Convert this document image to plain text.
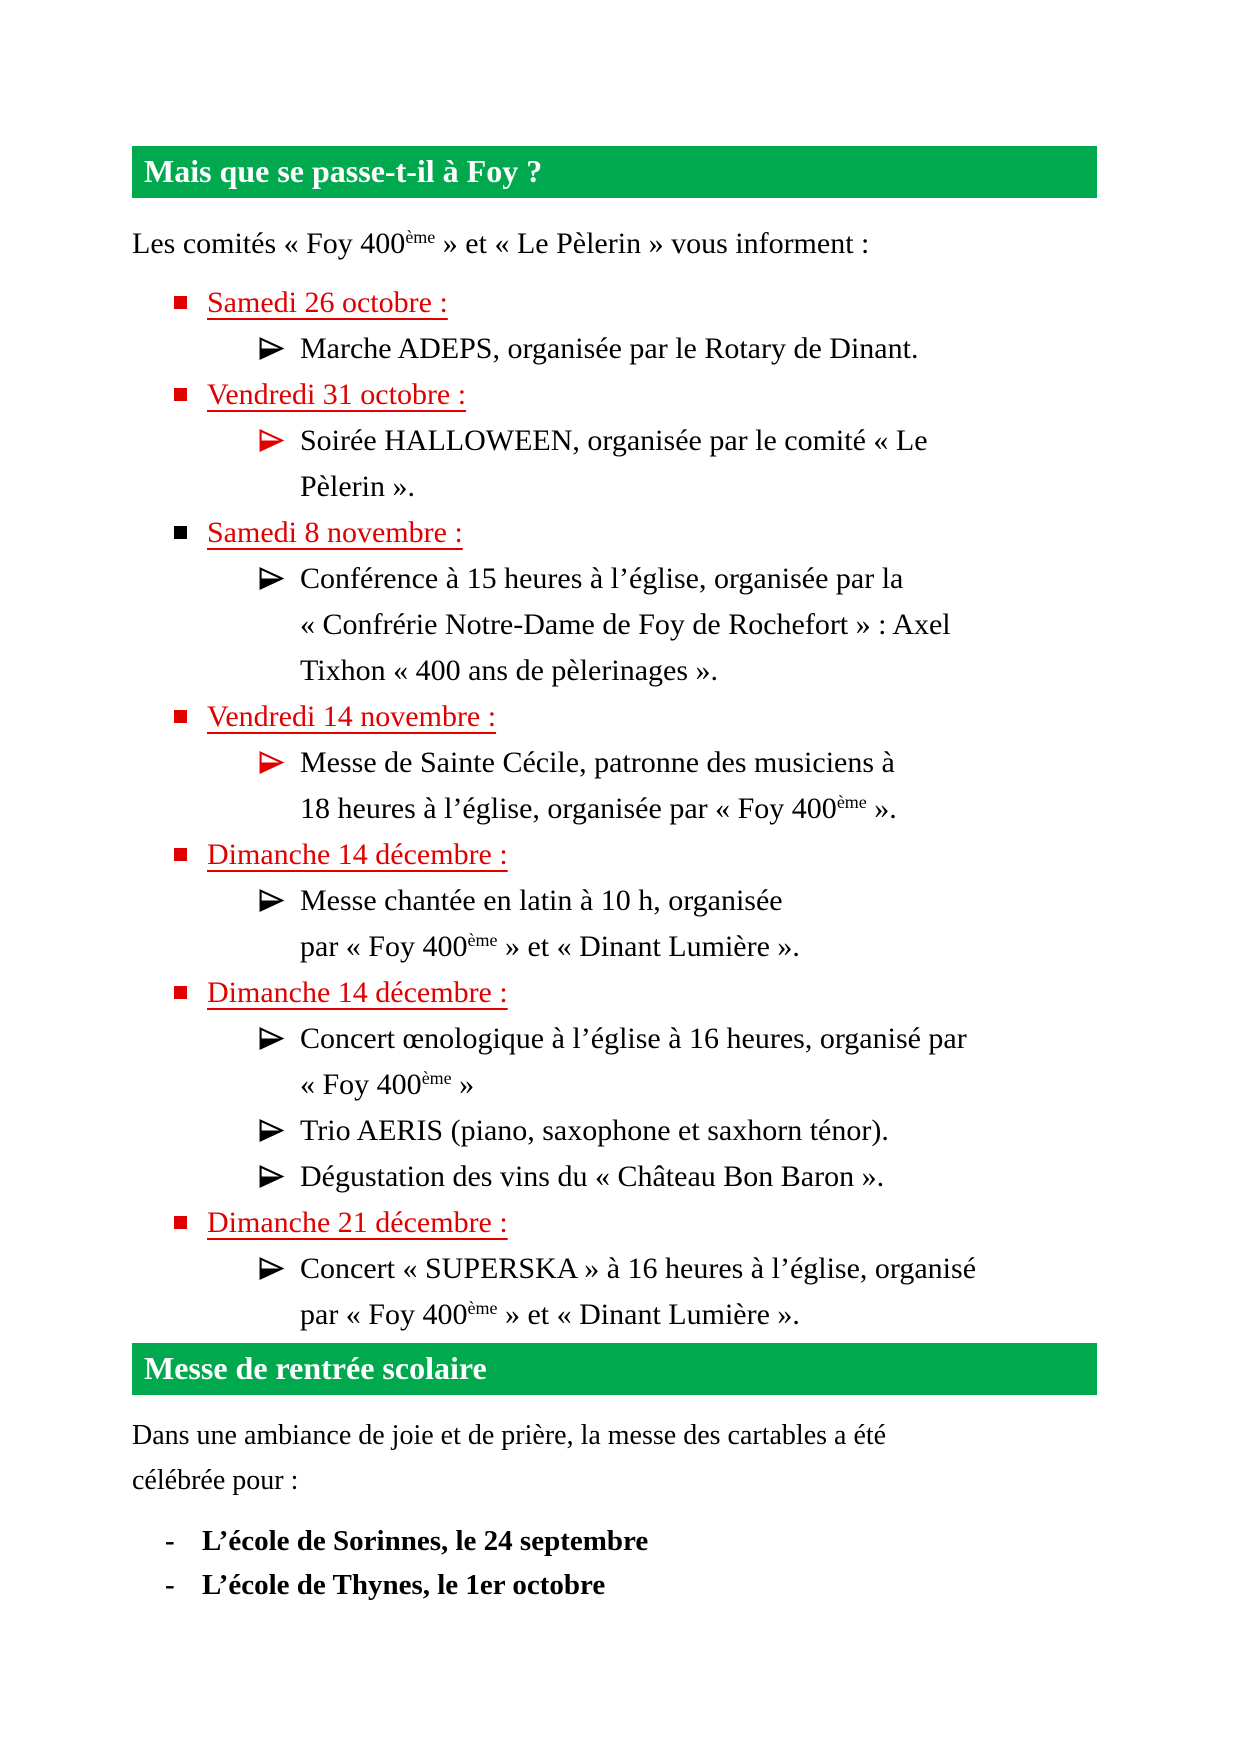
Mais que se passe-t-il à Foy ?

Les comités « Foy 400ème » et « Le Pèlerin » vous informent :

Samedi 26 octobre :
Marche ADEPS, organisée par le Rotary de Dinant.
Vendredi 31 octobre :
Soirée HALLOWEEN, organisée par le comité « Le
Pèlerin ».
Samedi 8 novembre :
Conférence à 15 heures à l’église, organisée par la
« Confrérie Notre-Dame de Foy de Rochefort » : Axel
Tixhon « 400 ans de pèlerinages ».
Vendredi 14 novembre :
Messe de Sainte Cécile, patronne des musiciens à
18 heures à l’église, organisée par « Foy 400ème ».
Dimanche 14 décembre :
Messe chantée en latin à 10 h, organisée
par « Foy 400ème » et « Dinant Lumière ».
Dimanche 14 décembre :
Concert œnologique à l’église à 16 heures, organisé par
« Foy 400ème »
Trio AERIS (piano, saxophone et saxhorn ténor).
Dégustation des vins du « Château Bon Baron ».
Dimanche 21 décembre :
Concert « SUPERSKA » à 16 heures à l’église, organisé
par « Foy 400ème » et « Dinant Lumière ».
Messe de rentrée scolaire

Dans une ambiance de joie et de prière, la messe des cartables a été
célébrée pour :

- L’école de Sorinnes, le 24 septembre
- L’école de Thynes, le 1er octobre
